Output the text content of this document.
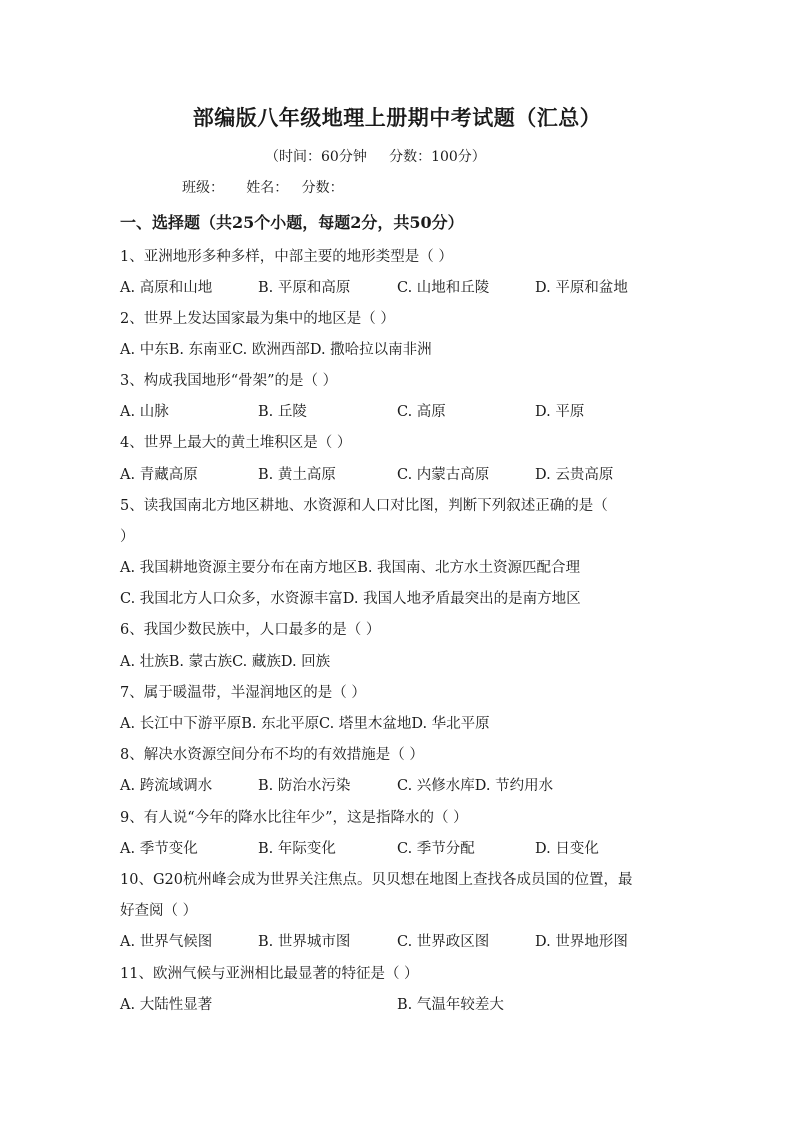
部编版八年级地理上册期中考试题（汇总）
（时间：60分钟     分数：100分）
班级：     姓名：   分数：
一、选择题（共25个小题，每题2分，共50分）
1、亚洲地形多种多样，中部主要的地形类型是（ ）
A. 高原和山地	B. 平原和高原	C. 山地和丘陵	D. 平原和盆地
2、世界上发达国家最为集中的地区是（ ）
A. 中东B. 东南亚C. 欧洲西部D. 撒哈拉以南非洲
3、构成我国地形“骨架”的是（ ）
A. 山脉	B. 丘陵	C. 高原	D. 平原
4、世界上最大的黄土堆积区是（ ）
A. 青藏高原	B. 黄土高原	C. 内蒙古高原	D. 云贵高原
5、读我国南北方地区耕地、水资源和人口对比图，判断下列叙述正确的是（
）
A. 我国耕地资源主要分布在南方地区B. 我国南、北方水土资源匹配合理
C. 我国北方人口众多，水资源丰富D. 我国人地矛盾最突出的是南方地区
6、我国少数民族中，人口最多的是（ ）
A. 壮族B. 蒙古族C. 藏族D. 回族
7、属于暖温带，半湿润地区的是（ ）
A. 长江中下游平原B. 东北平原C. 塔里木盆地D. 华北平原
8、解决水资源空间分布不均的有效措施是（ ）
A. 跨流域调水	B. 防治水污染	C. 兴修水库D. 节约用水
9、有人说“今年的降水比往年少”，这是指降水的（ ）
A. 季节变化	B. 年际变化	C. 季节分配	D. 日变化
10、G20杭州峰会成为世界关注焦点。贝贝想在地图上查找各成员国的位置，最
好查阅（ ）
A. 世界气候图	B. 世界城市图	C. 世界政区图	D. 世界地形图
11、欧洲气候与亚洲相比最显著的特征是（ ）
A. 大陆性显著	B. 气温年较差大
